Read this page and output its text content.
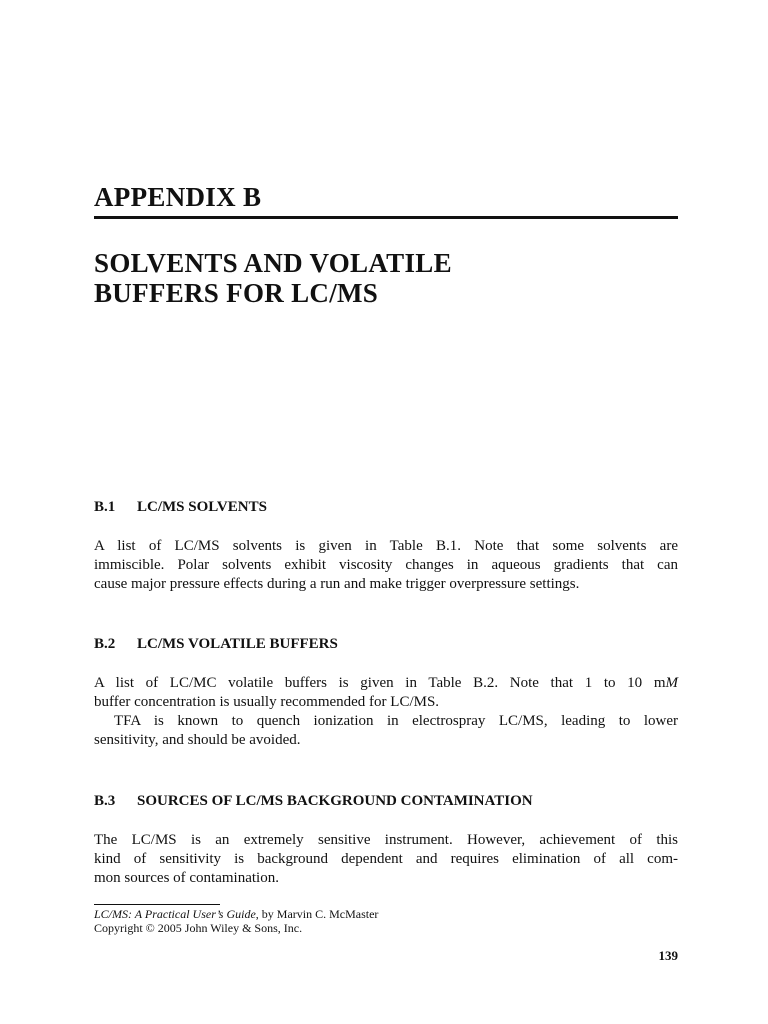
APPENDIX B
SOLVENTS AND VOLATILE
BUFFERS FOR LC/MS
B.1 LC/MS SOLVENTS
A list of LC/MS solvents is given in Table B.1. Note that some solvents are
immiscible. Polar solvents exhibit viscosity changes in aqueous gradients that can
cause major pressure effects during a run and make trigger overpressure settings.
B.2 LC/MS VOLATILE BUFFERS
A list of LC/MC volatile buffers is given in Table B.2. Note that 1 to 10 mM
buffer concentration is usually recommended for LC/MS.
TFA is known to quench ionization in electrospray LC/MS, leading to lower
sensitivity, and should be avoided.
B.3 SOURCES OF LC/MS BACKGROUND CONTAMINATION
The LC/MS is an extremely sensitive instrument. However, achievement of this
kind of sensitivity is background dependent and requires elimination of all com-
mon sources of contamination.
LC/MS: A Practical User’s Guide, by Marvin C. McMaster
Copyright © 2005 John Wiley & Sons, Inc.
139
